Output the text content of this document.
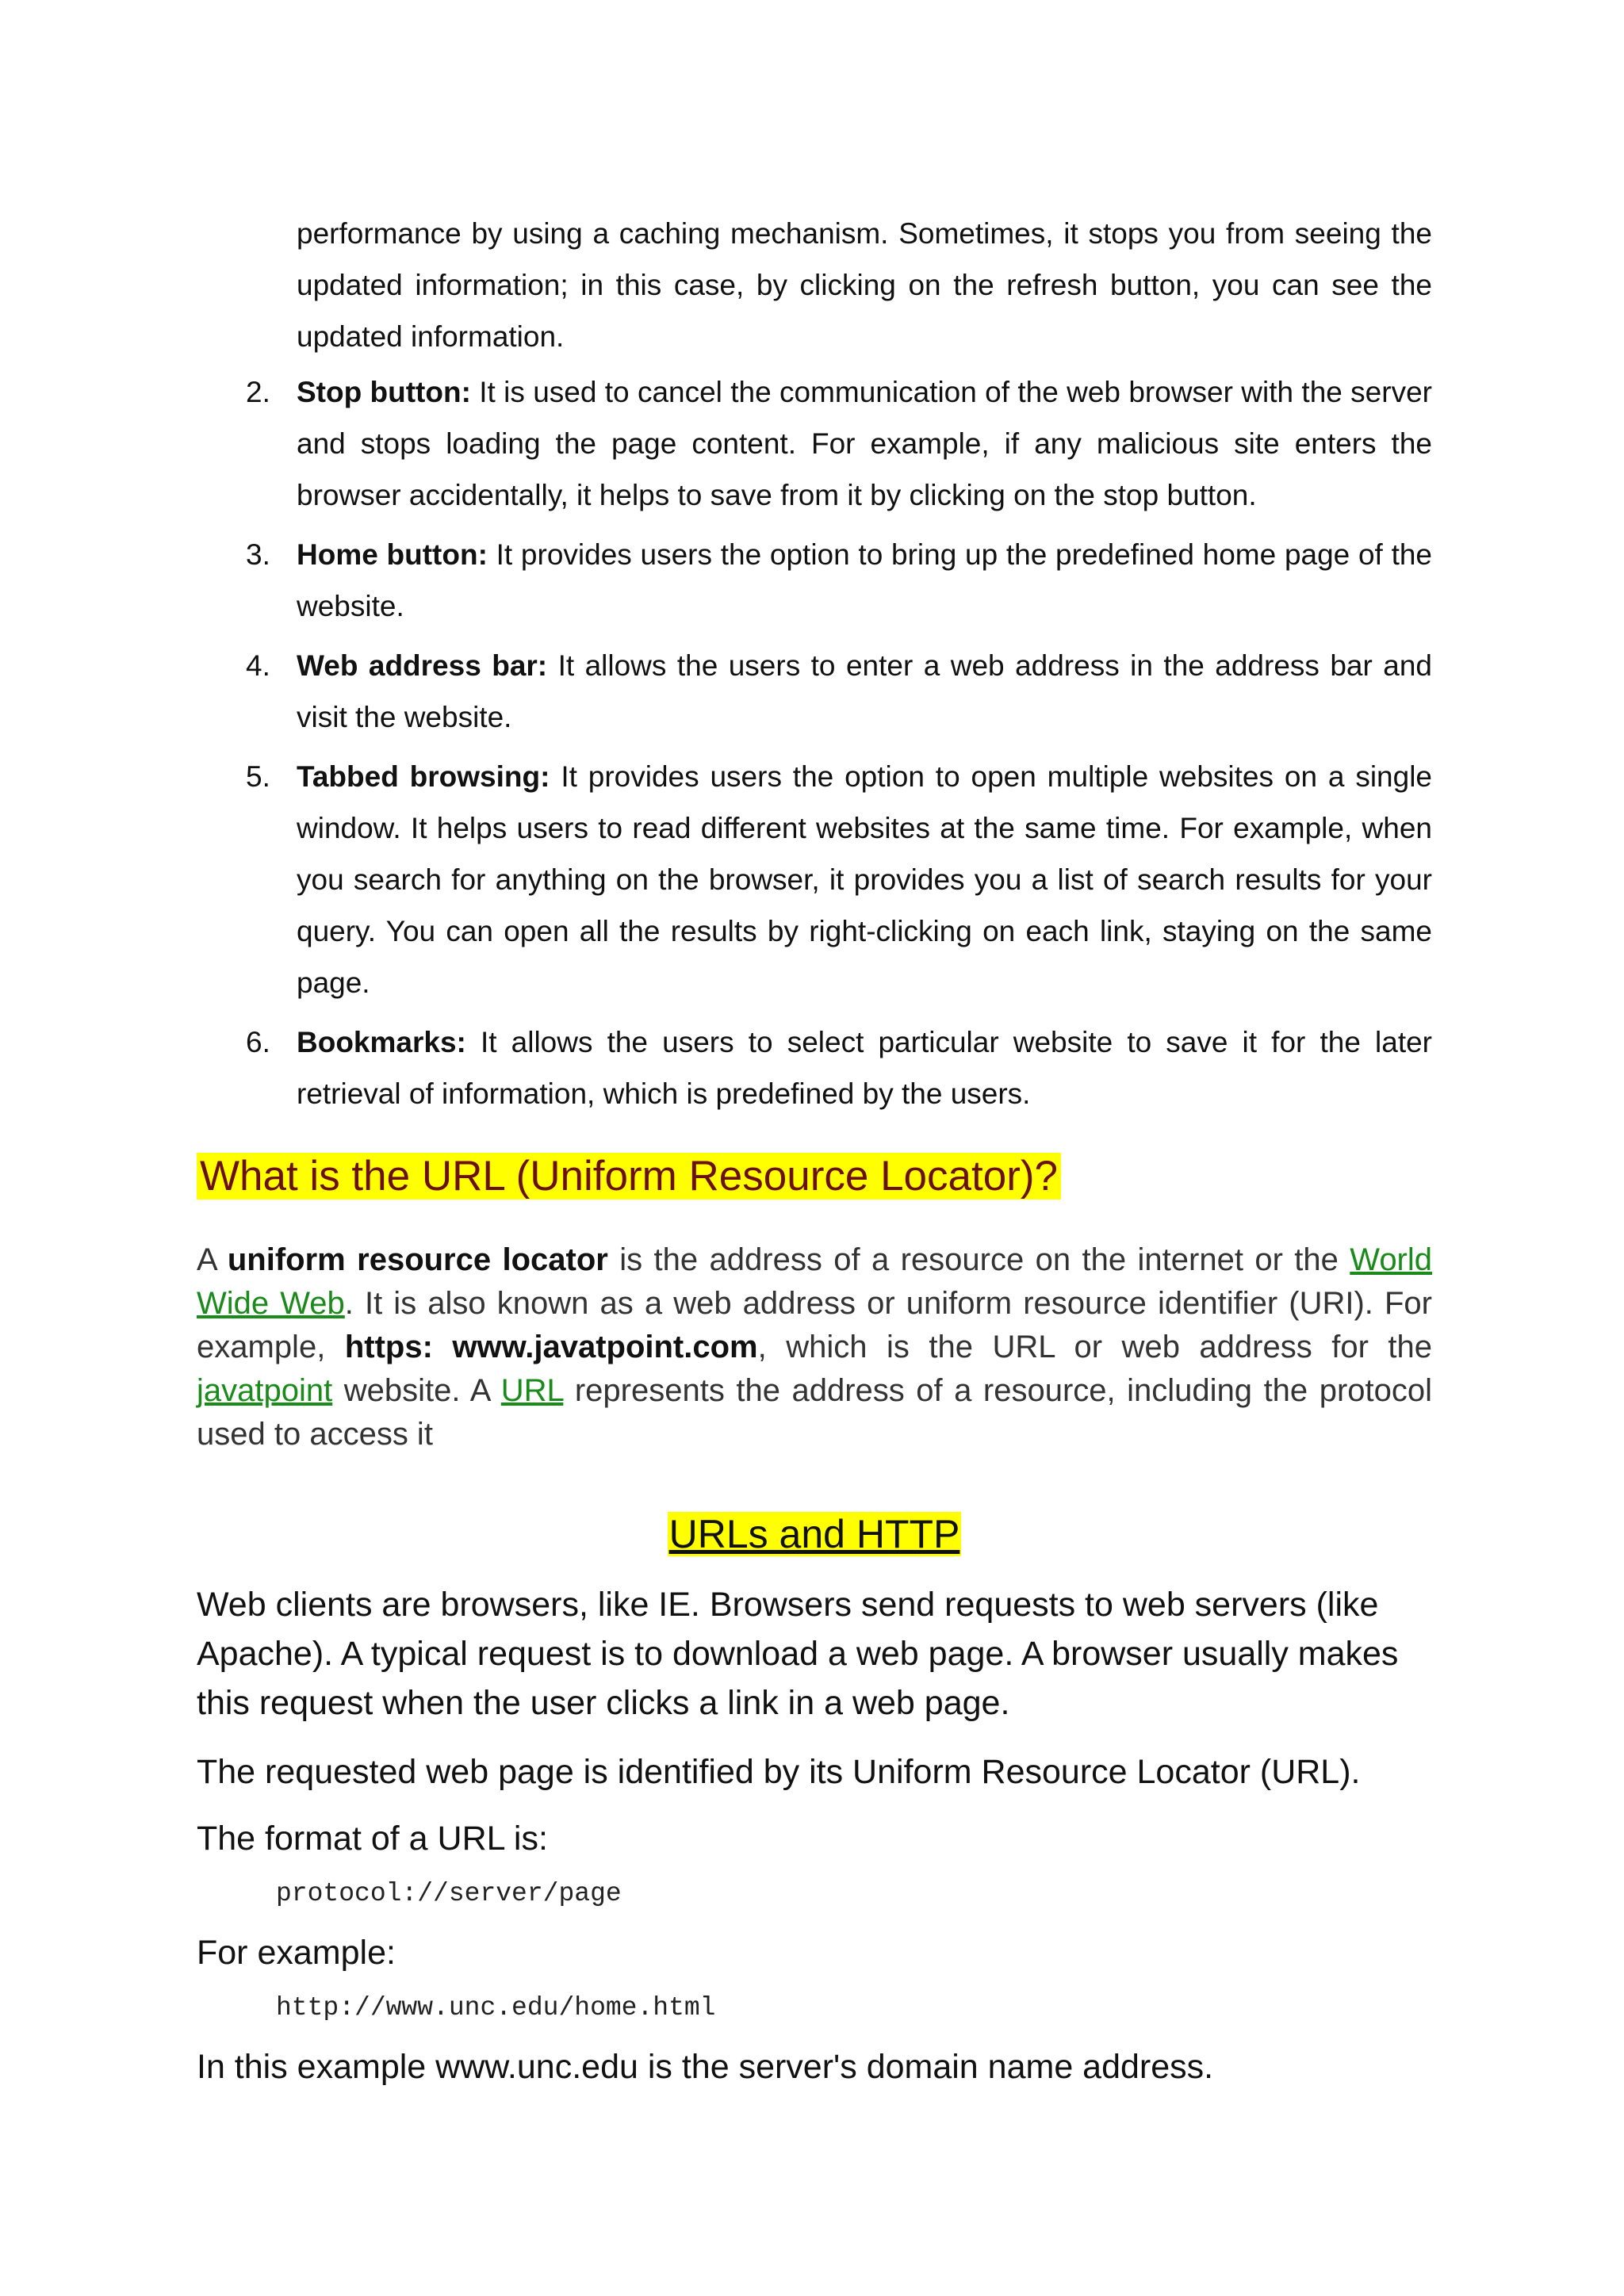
performance by using a caching mechanism. Sometimes, it stops you from seeing the updated information; in this case, by clicking on the refresh button, you can see the updated information.
2. Stop button: It is used to cancel the communication of the web browser with the server and stops loading the page content. For example, if any malicious site enters the browser accidentally, it helps to save from it by clicking on the stop button.
3. Home button: It provides users the option to bring up the predefined home page of the website.
4. Web address bar: It allows the users to enter a web address in the address bar and visit the website.
5. Tabbed browsing: It provides users the option to open multiple websites on a single window. It helps users to read different websites at the same time. For example, when you search for anything on the browser, it provides you a list of search results for your query. You can open all the results by right-clicking on each link, staying on the same page.
6. Bookmarks: It allows the users to select particular website to save it for the later retrieval of information, which is predefined by the users.
What is the URL (Uniform Resource Locator)?
A uniform resource locator is the address of a resource on the internet or the World Wide Web. It is also known as a web address or uniform resource identifier (URI). For example, https: www.javatpoint.com, which is the URL or web address for the javatpoint website. A URL represents the address of a resource, including the protocol used to access it
URLs and HTTP

Web clients are browsers, like IE. Browsers send requests to web servers (like Apache). A typical request is to download a web page. A browser usually makes this request when the user clicks a link in a web page.

The requested web page is identified by its Uniform Resource Locator (URL).

The format of a URL is:

protocol://server/page

For example:

http://www.unc.edu/home.html

In this example www.unc.edu is the server's domain name address.
